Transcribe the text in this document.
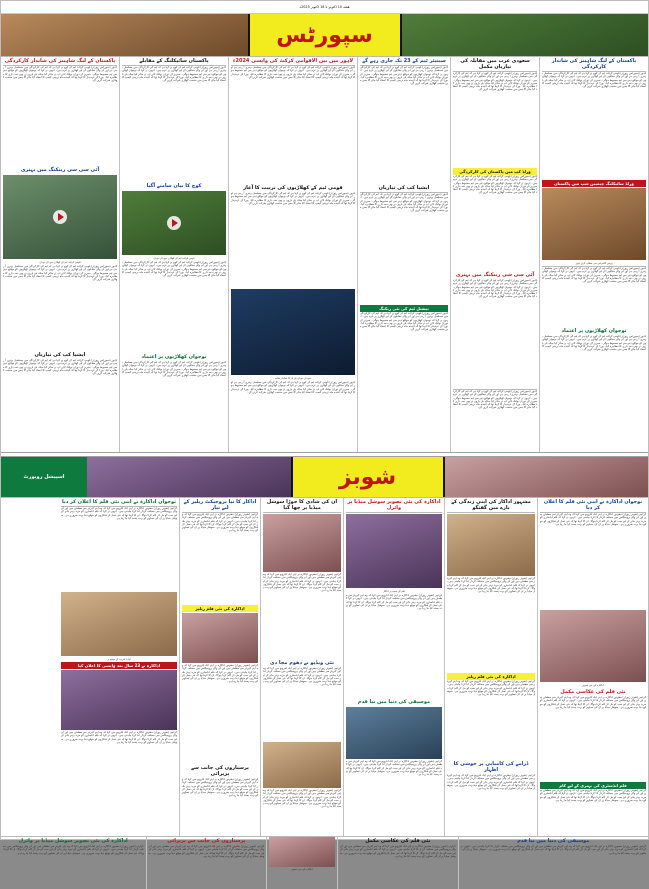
هفته 10 اکتوبر تا 16 اکتوبر 2025ء
سپورٹس
پاکستان کے لیگ شاہینز کی شاندار کارکردگی
لاہور (سپورٹس رپورٹر) قومی کرکٹ ٹیم کے کوچ نے کہا ہے کہ ٹیم کی کارکردگی میں مسلسل بہتری آ رہی ہے اور آنے والے مقابلوں کے لیے کھلاڑی پر عزم ہیں۔ انہوں نے کہا کہ نوجوان کھلاڑیوں کو مواقع دینے سے ٹیم مضبوط ہوگی۔ سیریز کے دوران بولنگ لائن اپ نے متاثر کیا جبکہ بلے بازوں نے بھی ذمہ داری کا مظاہرہ کیا۔ بورڈ کے عہدیدار کا کہنا تھا کہ آئیندہ ماہ تربیتی کیمپ کا انعقاد کیا جائے گا جس میں منتخب کھلاڑی شرکت کریں گے۔
ورلڈ سائیکلنگ چیمپین شپ میں پاکستان
پریس کانفرنس سے خطاب کرتے ہوئے
لاہور (سپورٹس رپورٹر) قومی کرکٹ ٹیم کے کوچ نے کہا ہے کہ ٹیم کی کارکردگی میں مسلسل بہتری آ رہی ہے اور آنے والے مقابلوں کے لیے کھلاڑی پر عزم ہیں۔ انہوں نے کہا کہ نوجوان کھلاڑیوں کو مواقع دینے سے ٹیم مضبوط ہوگی۔ سیریز کے دوران بولنگ لائن اپ نے متاثر کیا جبکہ بلے بازوں نے بھی ذمہ داری کا مظاہرہ کیا۔ بورڈ کے عہدیدار کا کہنا تھا کہ آئیندہ ماہ تربیتی کیمپ کا انعقاد کیا جائے گا جس میں منتخب کھلاڑی شرکت کریں گے۔
نوجوان کھلاڑیوں پر اعتماد
لاہور (سپورٹس رپورٹر) قومی کرکٹ ٹیم کے کوچ نے کہا ہے کہ ٹیم کی کارکردگی میں مسلسل بہتری آ رہی ہے اور آنے والے مقابلوں کے لیے کھلاڑی پر عزم ہیں۔ انہوں نے کہا کہ نوجوان کھلاڑیوں کو مواقع دینے سے ٹیم مضبوط ہوگی۔ سیریز کے دوران بولنگ لائن اپ نے متاثر کیا جبکہ بلے بازوں نے بھی ذمہ داری کا مظاہرہ کیا۔ بورڈ کے عہدیدار کا کہنا تھا کہ آئیندہ ماہ تربیتی کیمپ کا انعقاد کیا جائے گا جس میں منتخب کھلاڑی شرکت کریں گے۔
سعودی عرب میں مقابلہ کی تیاریاں مکمل
لاہور (سپورٹس رپورٹر) قومی کرکٹ ٹیم کے کوچ نے کہا ہے کہ ٹیم کی کارکردگی میں مسلسل بہتری آ رہی ہے اور آنے والے مقابلوں کے لیے کھلاڑی پر عزم ہیں۔ انہوں نے کہا کہ نوجوان کھلاڑیوں کو مواقع دینے سے ٹیم مضبوط ہوگی۔ سیریز کے دوران بولنگ لائن اپ نے متاثر کیا جبکہ بلے بازوں نے بھی ذمہ داری کا مظاہرہ کیا۔ بورڈ کے عہدیدار کا کہنا تھا کہ آئیندہ ماہ تربیتی کیمپ کا انعقاد کیا جائے گا جس میں منتخب کھلاڑی شرکت کریں گے۔
ورلڈ کپ میں پاکستان کی کارکردگی
لاہور (سپورٹس رپورٹر) قومی کرکٹ ٹیم کے کوچ نے کہا ہے کہ ٹیم کی کارکردگی میں مسلسل بہتری آ رہی ہے اور آنے والے مقابلوں کے لیے کھلاڑی پر عزم ہیں۔ انہوں نے کہا کہ نوجوان کھلاڑیوں کو مواقع دینے سے ٹیم مضبوط ہوگی۔ سیریز کے دوران بولنگ لائن اپ نے متاثر کیا جبکہ بلے بازوں نے بھی ذمہ داری کا مظاہرہ کیا۔ بورڈ کے عہدیدار کا کہنا تھا کہ آئیندہ ماہ تربیتی کیمپ کا انعقاد کیا جائے گا جس میں منتخب کھلاڑی شرکت کریں گے۔
آئی سی سی رینکنگ میں بہتری
لاہور (سپورٹس رپورٹر) قومی کرکٹ ٹیم کے کوچ نے کہا ہے کہ ٹیم کی کارکردگی میں مسلسل بہتری آ رہی ہے اور آنے والے مقابلوں کے لیے کھلاڑی پر عزم ہیں۔ انہوں نے کہا کہ نوجوان کھلاڑیوں کو مواقع دینے سے ٹیم مضبوط ہوگی۔ سیریز کے دوران بولنگ لائن اپ نے متاثر کیا جبکہ بلے بازوں نے بھی ذمہ داری کا مظاہرہ کیا۔ بورڈ کے عہدیدار کا کہنا تھا کہ آئیندہ ماہ تربیتی کیمپ کا انعقاد کیا جائے گا جس میں منتخب کھلاڑی شرکت کریں گے۔
لاہور (سپورٹس رپورٹر) قومی کرکٹ ٹیم کے کوچ نے کہا ہے کہ ٹیم کی کارکردگی میں مسلسل بہتری آ رہی ہے اور آنے والے مقابلوں کے لیے کھلاڑی پر عزم ہیں۔ انہوں نے کہا کہ نوجوان کھلاڑیوں کو مواقع دینے سے ٹیم مضبوط ہوگی۔ سیریز کے دوران بولنگ لائن اپ نے متاثر کیا جبکہ بلے بازوں نے بھی ذمہ داری کا مظاہرہ کیا۔ بورڈ کے عہدیدار کا کہنا تھا کہ آئیندہ ماہ تربیتی کیمپ کا انعقاد کیا جائے گا جس میں منتخب کھلاڑی شرکت کریں گے۔
سینیئر ٹیم کے 23 تک جاری رہے گے
لاہور (سپورٹس رپورٹر) قومی کرکٹ ٹیم کے کوچ نے کہا ہے کہ ٹیم کی کارکردگی میں مسلسل بہتری آ رہی ہے اور آنے والے مقابلوں کے لیے کھلاڑی پر عزم ہیں۔ انہوں نے کہا کہ نوجوان کھلاڑیوں کو مواقع دینے سے ٹیم مضبوط ہوگی۔ سیریز کے دوران بولنگ لائن اپ نے متاثر کیا جبکہ بلے بازوں نے بھی ذمہ داری کا مظاہرہ کیا۔ بورڈ کے عہدیدار کا کہنا تھا کہ آئیندہ ماہ تربیتی کیمپ کا انعقاد کیا جائے گا جس میں منتخب کھلاڑی شرکت کریں گے۔
ایشیا کپ کی تیاریاں
لاہور (سپورٹس رپورٹر) قومی کرکٹ ٹیم کے کوچ نے کہا ہے کہ ٹیم کی کارکردگی میں مسلسل بہتری آ رہی ہے اور آنے والے مقابلوں کے لیے کھلاڑی پر عزم ہیں۔ انہوں نے کہا کہ نوجوان کھلاڑیوں کو مواقع دینے سے ٹیم مضبوط ہوگی۔ سیریز کے دوران بولنگ لائن اپ نے متاثر کیا جبکہ بلے بازوں نے بھی ذمہ داری کا مظاہرہ کیا۔ بورڈ کے عہدیدار کا کہنا تھا کہ آئیندہ ماہ تربیتی کیمپ کا انعقاد کیا جائے گا جس میں منتخب کھلاڑی شرکت کریں گے۔
نیشنل ٹیم کی نئی رنکنگ
لاہور (سپورٹس رپورٹر) قومی کرکٹ ٹیم کے کوچ نے کہا ہے کہ ٹیم کی کارکردگی میں مسلسل بہتری آ رہی ہے اور آنے والے مقابلوں کے لیے کھلاڑی پر عزم ہیں۔ انہوں نے کہا کہ نوجوان کھلاڑیوں کو مواقع دینے سے ٹیم مضبوط ہوگی۔ سیریز کے دوران بولنگ لائن اپ نے متاثر کیا جبکہ بلے بازوں نے بھی ذمہ داری کا مظاہرہ کیا۔ بورڈ کے عہدیدار کا کہنا تھا کہ آئیندہ ماہ تربیتی کیمپ کا انعقاد کیا جائے گا جس میں منتخب کھلاڑی شرکت کریں گے۔
لاہور میں بین الاقوامی کرکٹ کی واپسی 2024ء
لاہور (سپورٹس رپورٹر) قومی کرکٹ ٹیم کے کوچ نے کہا ہے کہ ٹیم کی کارکردگی میں مسلسل بہتری آ رہی ہے اور آنے والے مقابلوں کے لیے کھلاڑی پر عزم ہیں۔ انہوں نے کہا کہ نوجوان کھلاڑیوں کو مواقع دینے سے ٹیم مضبوط ہوگی۔ سیریز کے دوران بولنگ لائن اپ نے متاثر کیا جبکہ بلے بازوں نے بھی ذمہ داری کا مظاہرہ کیا۔ بورڈ کے عہدیدار کا کہنا تھا کہ آئیندہ ماہ تربیتی کیمپ کا انعقاد کیا جائے گا جس میں منتخب کھلاڑی شرکت کریں گے۔
قومی ٹیم کے کھلاڑیوں کی تربیت کا آغاز
لاہور (سپورٹس رپورٹر) قومی کرکٹ ٹیم کے کوچ نے کہا ہے کہ ٹیم کی کارکردگی میں مسلسل بہتری آ رہی ہے اور آنے والے مقابلوں کے لیے کھلاڑی پر عزم ہیں۔ انہوں نے کہا کہ نوجوان کھلاڑیوں کو مواقع دینے سے ٹیم مضبوط ہوگی۔ سیریز کے دوران بولنگ لائن اپ نے متاثر کیا جبکہ بلے بازوں نے بھی ذمہ داری کا مظاہرہ کیا۔ بورڈ کے عہدیدار کا کہنا تھا کہ آئیندہ ماہ تربیتی کیمپ کا انعقاد کیا جائے گا جس میں منتخب کھلاڑی شرکت کریں گے۔
میچ کے دوران بلے باز کا شاندار شاٹ
لاہور (سپورٹس رپورٹر) قومی کرکٹ ٹیم کے کوچ نے کہا ہے کہ ٹیم کی کارکردگی میں مسلسل بہتری آ رہی ہے اور آنے والے مقابلوں کے لیے کھلاڑی پر عزم ہیں۔ انہوں نے کہا کہ نوجوان کھلاڑیوں کو مواقع دینے سے ٹیم مضبوط ہوگی۔ سیریز کے دوران بولنگ لائن اپ نے متاثر کیا جبکہ بلے بازوں نے بھی ذمہ داری کا مظاہرہ کیا۔ بورڈ کے عہدیدار کا کہنا تھا کہ آئیندہ ماہ تربیتی کیمپ کا انعقاد کیا جائے گا جس میں منتخب کھلاڑی شرکت کریں گے۔
پاکستان سائیکلنگ کے مقابلے
لاہور (سپورٹس رپورٹر) قومی کرکٹ ٹیم کے کوچ نے کہا ہے کہ ٹیم کی کارکردگی میں مسلسل بہتری آ رہی ہے اور آنے والے مقابلوں کے لیے کھلاڑی پر عزم ہیں۔ انہوں نے کہا کہ نوجوان کھلاڑیوں کو مواقع دینے سے ٹیم مضبوط ہوگی۔ سیریز کے دوران بولنگ لائن اپ نے متاثر کیا جبکہ بلے بازوں نے بھی ذمہ داری کا مظاہرہ کیا۔ بورڈ کے عہدیدار کا کہنا تھا کہ آئیندہ ماہ تربیتی کیمپ کا انعقاد کیا جائے گا جس میں منتخب کھلاڑی شرکت کریں گے۔
کوچ کا بیان سامنے آگیا
قومی کرکٹ ٹیم کے کھلاڑی میچ کے دوران
لاہور (سپورٹس رپورٹر) قومی کرکٹ ٹیم کے کوچ نے کہا ہے کہ ٹیم کی کارکردگی میں مسلسل بہتری آ رہی ہے اور آنے والے مقابلوں کے لیے کھلاڑی پر عزم ہیں۔ انہوں نے کہا کہ نوجوان کھلاڑیوں کو مواقع دینے سے ٹیم مضبوط ہوگی۔ سیریز کے دوران بولنگ لائن اپ نے متاثر کیا جبکہ بلے بازوں نے بھی ذمہ داری کا مظاہرہ کیا۔ بورڈ کے عہدیدار کا کہنا تھا کہ آئیندہ ماہ تربیتی کیمپ کا انعقاد کیا جائے گا جس میں منتخب کھلاڑی شرکت کریں گے۔
نوجوان کھلاڑیوں پر اعتماد
لاہور (سپورٹس رپورٹر) قومی کرکٹ ٹیم کے کوچ نے کہا ہے کہ ٹیم کی کارکردگی میں مسلسل بہتری آ رہی ہے اور آنے والے مقابلوں کے لیے کھلاڑی پر عزم ہیں۔ انہوں نے کہا کہ نوجوان کھلاڑیوں کو مواقع دینے سے ٹیم مضبوط ہوگی۔ سیریز کے دوران بولنگ لائن اپ نے متاثر کیا جبکہ بلے بازوں نے بھی ذمہ داری کا مظاہرہ کیا۔ بورڈ کے عہدیدار کا کہنا تھا کہ آئیندہ ماہ تربیتی کیمپ کا انعقاد کیا جائے گا جس میں منتخب کھلاڑی شرکت کریں گے۔
پاکستان کے لیگ شاہینز کی شاندار کارکردگی
لاہور (سپورٹس رپورٹر) قومی کرکٹ ٹیم کے کوچ نے کہا ہے کہ ٹیم کی کارکردگی میں مسلسل بہتری آ رہی ہے اور آنے والے مقابلوں کے لیے کھلاڑی پر عزم ہیں۔ انہوں نے کہا کہ نوجوان کھلاڑیوں کو مواقع دینے سے ٹیم مضبوط ہوگی۔ سیریز کے دوران بولنگ لائن اپ نے متاثر کیا جبکہ بلے بازوں نے بھی ذمہ داری کا مظاہرہ کیا۔ بورڈ کے عہدیدار کا کہنا تھا کہ آئیندہ ماہ تربیتی کیمپ کا انعقاد کیا جائے گا جس میں منتخب کھلاڑی شرکت کریں گے۔
آئی سی سی رینکنگ میں بہتری
قومی کرکٹ ٹیم کے کھلاڑی میچ کے دوران
لاہور (سپورٹس رپورٹر) قومی کرکٹ ٹیم کے کوچ نے کہا ہے کہ ٹیم کی کارکردگی میں مسلسل بہتری آ رہی ہے اور آنے والے مقابلوں کے لیے کھلاڑی پر عزم ہیں۔ انہوں نے کہا کہ نوجوان کھلاڑیوں کو مواقع دینے سے ٹیم مضبوط ہوگی۔ سیریز کے دوران بولنگ لائن اپ نے متاثر کیا جبکہ بلے بازوں نے بھی ذمہ داری کا مظاہرہ کیا۔ بورڈ کے عہدیدار کا کہنا تھا کہ آئیندہ ماہ تربیتی کیمپ کا انعقاد کیا جائے گا جس میں منتخب کھلاڑی شرکت کریں گے۔
ایشیا کپ کی تیاریاں
لاہور (سپورٹس رپورٹر) قومی کرکٹ ٹیم کے کوچ نے کہا ہے کہ ٹیم کی کارکردگی میں مسلسل بہتری آ رہی ہے اور آنے والے مقابلوں کے لیے کھلاڑی پر عزم ہیں۔ انہوں نے کہا کہ نوجوان کھلاڑیوں کو مواقع دینے سے ٹیم مضبوط ہوگی۔ سیریز کے دوران بولنگ لائن اپ نے متاثر کیا جبکہ بلے بازوں نے بھی ذمہ داری کا مظاہرہ کیا۔ بورڈ کے عہدیدار کا کہنا تھا کہ آئیندہ ماہ تربیتی کیمپ کا انعقاد کیا جائے گا جس میں منتخب کھلاڑی شرکت کریں گے۔
شوبز
اسپیشل روپورٹ
نوجوان اداکارہ نے اپنی نئی فلم کا اعلان کر دیا
کراچی (شوبز رپورٹر) مشہور اداکارہ نے اپنے ایک انٹرویو میں کہا کہ وہ اپنے کیریئر سے مطمئن ہیں اور آنے والے پروجیکٹس میں مختلف کردار ادا کرنا چاہتی ہیں۔ انہوں نے کہا کہ فلم انڈسٹری کو مزید بہتر بنانے کے لیے سب کو مل کر کام کرنا ہوگا۔ ان کا کہنا تھا کہ نئی نسل کے فنکاروں کو موقع دینا بہت ضروری ہے۔ سوشل میڈیا پر ان کی تصاویر کو بہت پسند کیا جا رہا ہے۔
اداکارہ کی نئی تصویر
نئی فلم کی عکاسی مکمل
کراچی (شوبز رپورٹر) مشہور اداکارہ نے اپنے ایک انٹرویو میں کہا کہ وہ اپنے کیریئر سے مطمئن ہیں اور آنے والے پروجیکٹس میں مختلف کردار ادا کرنا چاہتی ہیں۔ انہوں نے کہا کہ فلم انڈسٹری کو مزید بہتر بنانے کے لیے سب کو مل کر کام کرنا ہوگا۔ ان کا کہنا تھا کہ نئی نسل کے فنکاروں کو موقع دینا بہت ضروری ہے۔ سوشل میڈیا پر ان کی تصاویر کو بہت پسند کیا جا رہا ہے۔
فلم انڈسٹری کی بہتری کے لیے کام
کراچی (شوبز رپورٹر) مشہور اداکارہ نے اپنے ایک انٹرویو میں کہا کہ وہ اپنے کیریئر سے مطمئن ہیں اور آنے والے پروجیکٹس میں مختلف کردار ادا کرنا چاہتی ہیں۔ انہوں نے کہا کہ فلم انڈسٹری کو مزید بہتر بنانے کے لیے سب کو مل کر کام کرنا ہوگا۔ ان کا کہنا تھا کہ نئی نسل کے فنکاروں کو موقع دینا بہت ضروری ہے۔ سوشل میڈیا پر ان کی تصاویر کو بہت پسند کیا جا رہا ہے۔
مشہور اداکار کی اپنی زندگی کے بارے میں گفتگو
کراچی (شوبز رپورٹر) مشہور اداکارہ نے اپنے ایک انٹرویو میں کہا کہ وہ اپنے کیریئر سے مطمئن ہیں اور آنے والے پروجیکٹس میں مختلف کردار ادا کرنا چاہتی ہیں۔ انہوں نے کہا کہ فلم انڈسٹری کو مزید بہتر بنانے کے لیے سب کو مل کر کام کرنا ہوگا۔ ان کا کہنا تھا کہ نئی نسل کے فنکاروں کو موقع دینا بہت ضروری ہے۔ سوشل میڈیا پر ان کی تصاویر کو بہت پسند کیا جا رہا ہے۔
اداکارہ کی نئی فلم ریلیز
کراچی (شوبز رپورٹر) مشہور اداکارہ نے اپنے ایک انٹرویو میں کہا کہ وہ اپنے کیریئر سے مطمئن ہیں اور آنے والے پروجیکٹس میں مختلف کردار ادا کرنا چاہتی ہیں۔ انہوں نے کہا کہ فلم انڈسٹری کو مزید بہتر بنانے کے لیے سب کو مل کر کام کرنا ہوگا۔ ان کا کہنا تھا کہ نئی نسل کے فنکاروں کو موقع دینا بہت ضروری ہے۔ سوشل میڈیا پر ان کی تصاویر کو بہت پسند کیا جا رہا ہے۔
ڈرامے کی کامیابی پر خوشی کا اظہار
کراچی (شوبز رپورٹر) مشہور اداکارہ نے اپنے ایک انٹرویو میں کہا کہ وہ اپنے کیریئر سے مطمئن ہیں اور آنے والے پروجیکٹس میں مختلف کردار ادا کرنا چاہتی ہیں۔ انہوں نے کہا کہ فلم انڈسٹری کو مزید بہتر بنانے کے لیے سب کو مل کر کام کرنا ہوگا۔ ان کا کہنا تھا کہ نئی نسل کے فنکاروں کو موقع دینا بہت ضروری ہے۔ سوشل میڈیا پر ان کی تصاویر کو بہت پسند کیا جا رہا ہے۔
اداکارہ کی نئی تصویر سوشل میڈیا پر وائرل
فلم کے سیٹ پر اداکار
کراچی (شوبز رپورٹر) مشہور اداکارہ نے اپنے ایک انٹرویو میں کہا کہ وہ اپنے کیریئر سے مطمئن ہیں اور آنے والے پروجیکٹس میں مختلف کردار ادا کرنا چاہتی ہیں۔ انہوں نے کہا کہ فلم انڈسٹری کو مزید بہتر بنانے کے لیے سب کو مل کر کام کرنا ہوگا۔ ان کا کہنا تھا کہ نئی نسل کے فنکاروں کو موقع دینا بہت ضروری ہے۔ سوشل میڈیا پر ان کی تصاویر کو بہت پسند کیا جا رہا ہے۔
موسیقی کی دنیا میں نیا قدم
کراچی (شوبز رپورٹر) مشہور اداکارہ نے اپنے ایک انٹرویو میں کہا کہ وہ اپنے کیریئر سے مطمئن ہیں اور آنے والے پروجیکٹس میں مختلف کردار ادا کرنا چاہتی ہیں۔ انہوں نے کہا کہ فلم انڈسٹری کو مزید بہتر بنانے کے لیے سب کو مل کر کام کرنا ہوگا۔ ان کا کہنا تھا کہ نئی نسل کے فنکاروں کو موقع دینا بہت ضروری ہے۔ سوشل میڈیا پر ان کی تصاویر کو بہت پسند کیا جا رہا ہے۔
ان کی شادی کا جوڑا سوشل میڈیا پر چھا گیا
کراچی (شوبز رپورٹر) مشہور اداکارہ نے اپنے ایک انٹرویو میں کہا کہ وہ اپنے کیریئر سے مطمئن ہیں اور آنے والے پروجیکٹس میں مختلف کردار ادا کرنا چاہتی ہیں۔ انہوں نے کہا کہ فلم انڈسٹری کو مزید بہتر بنانے کے لیے سب کو مل کر کام کرنا ہوگا۔ ان کا کہنا تھا کہ نئی نسل کے فنکاروں کو موقع دینا بہت ضروری ہے۔ سوشل میڈیا پر ان کی تصاویر کو بہت پسند کیا جا رہا ہے۔
نئی ویڈیو نے دھوم مچا دی
کراچی (شوبز رپورٹر) مشہور اداکارہ نے اپنے ایک انٹرویو میں کہا کہ وہ اپنے کیریئر سے مطمئن ہیں اور آنے والے پروجیکٹس میں مختلف کردار ادا کرنا چاہتی ہیں۔ انہوں نے کہا کہ فلم انڈسٹری کو مزید بہتر بنانے کے لیے سب کو مل کر کام کرنا ہوگا۔ ان کا کہنا تھا کہ نئی نسل کے فنکاروں کو موقع دینا بہت ضروری ہے۔ سوشل میڈیا پر ان کی تصاویر کو بہت پسند کیا جا رہا ہے۔
کراچی (شوبز رپورٹر) مشہور اداکارہ نے اپنے ایک انٹرویو میں کہا کہ وہ اپنے کیریئر سے مطمئن ہیں اور آنے والے پروجیکٹس میں مختلف کردار ادا کرنا چاہتی ہیں۔ انہوں نے کہا کہ فلم انڈسٹری کو مزید بہتر بنانے کے لیے سب کو مل کر کام کرنا ہوگا۔ ان کا کہنا تھا کہ نئی نسل کے فنکاروں کو موقع دینا بہت ضروری ہے۔ سوشل میڈیا پر ان کی تصاویر کو بہت پسند کیا جا رہا ہے۔
اداکار کا نیا پروجیکٹ ریلیز کے لیے تیار
کراچی (شوبز رپورٹر) مشہور اداکارہ نے اپنے ایک انٹرویو میں کہا کہ وہ اپنے کیریئر سے مطمئن ہیں اور آنے والے پروجیکٹس میں مختلف کردار ادا کرنا چاہتی ہیں۔ انہوں نے کہا کہ فلم انڈسٹری کو مزید بہتر بنانے کے لیے سب کو مل کر کام کرنا ہوگا۔ ان کا کہنا تھا کہ نئی نسل کے فنکاروں کو موقع دینا بہت ضروری ہے۔ سوشل میڈیا پر ان کی تصاویر کو بہت پسند کیا جا رہا ہے۔
اداکارہ کی نئی فلم ریلیز
کراچی (شوبز رپورٹر) مشہور اداکارہ نے اپنے ایک انٹرویو میں کہا کہ وہ اپنے کیریئر سے مطمئن ہیں اور آنے والے پروجیکٹس میں مختلف کردار ادا کرنا چاہتی ہیں۔ انہوں نے کہا کہ فلم انڈسٹری کو مزید بہتر بنانے کے لیے سب کو مل کر کام کرنا ہوگا۔ ان کا کہنا تھا کہ نئی نسل کے فنکاروں کو موقع دینا بہت ضروری ہے۔ سوشل میڈیا پر ان کی تصاویر کو بہت پسند کیا جا رہا ہے۔
پرستاروں کی جانب سے پزیرائی
کراچی (شوبز رپورٹر) مشہور اداکارہ نے اپنے ایک انٹرویو میں کہا کہ وہ اپنے کیریئر سے مطمئن ہیں اور آنے والے پروجیکٹس میں مختلف کردار ادا کرنا چاہتی ہیں۔ انہوں نے کہا کہ فلم انڈسٹری کو مزید بہتر بنانے کے لیے سب کو مل کر کام کرنا ہوگا۔ ان کا کہنا تھا کہ نئی نسل کے فنکاروں کو موقع دینا بہت ضروری ہے۔ سوشل میڈیا پر ان کی تصاویر کو بہت پسند کیا جا رہا ہے۔
نوجوان اداکارہ نے اپنی نئی فلم کا اعلان کر دیا
کراچی (شوبز رپورٹر) مشہور اداکارہ نے اپنے ایک انٹرویو میں کہا کہ وہ اپنے کیریئر سے مطمئن ہیں اور آنے والے پروجیکٹس میں مختلف کردار ادا کرنا چاہتی ہیں۔ انہوں نے کہا کہ فلم انڈسٹری کو مزید بہتر بنانے کے لیے سب کو مل کر کام کرنا ہوگا۔ ان کا کہنا تھا کہ نئی نسل کے فنکاروں کو موقع دینا بہت ضروری ہے۔ سوشل میڈیا پر ان کی تصاویر کو بہت پسند کیا جا رہا ہے۔
اوارڈ تقریب کے موقع پر
اداکارہ نے 23 سال بعد واپسی کا اعلان کیا
کراچی (شوبز رپورٹر) مشہور اداکارہ نے اپنے ایک انٹرویو میں کہا کہ وہ اپنے کیریئر سے مطمئن ہیں اور آنے والے پروجیکٹس میں مختلف کردار ادا کرنا چاہتی ہیں۔ انہوں نے کہا کہ فلم انڈسٹری کو مزید بہتر بنانے کے لیے سب کو مل کر کام کرنا ہوگا۔ ان کا کہنا تھا کہ نئی نسل کے فنکاروں کو موقع دینا بہت ضروری ہے۔ سوشل میڈیا پر ان کی تصاویر کو بہت پسند کیا جا رہا ہے۔
موسیقی کی دنیا میں نیا قدم
کراچی (شوبز رپورٹر) مشہور اداکارہ نے اپنے ایک انٹرویو میں کہا کہ وہ اپنے کیریئر سے مطمئن ہیں اور آنے والے پروجیکٹس میں مختلف کردار ادا کرنا چاہتی ہیں۔ انہوں نے کہا کہ فلم انڈسٹری کو مزید بہتر بنانے کے لیے سب کو مل کر کام کرنا ہوگا۔ ان کا کہنا تھا کہ نئی نسل کے فنکاروں کو موقع دینا بہت ضروری ہے۔ سوشل میڈیا پر ان کی تصاویر کو بہت پسند کیا جا رہا ہے۔
نئی فلم کی عکاسی مکمل
کراچی (شوبز رپورٹر) مشہور اداکارہ نے اپنے ایک انٹرویو میں کہا کہ وہ اپنے کیریئر سے مطمئن ہیں اور آنے والے پروجیکٹس میں مختلف کردار ادا کرنا چاہتی ہیں۔ انہوں نے کہا کہ فلم انڈسٹری کو مزید بہتر بنانے کے لیے سب کو مل کر کام کرنا ہوگا۔ ان کا کہنا تھا کہ نئی نسل کے فنکاروں کو موقع دینا بہت ضروری ہے۔ سوشل میڈیا پر ان کی تصاویر کو بہت پسند کیا جا رہا ہے۔
اداکارہ کی نئی تصویر
پرستاروں کی جانب سے پزیرائی
کراچی (شوبز رپورٹر) مشہور اداکارہ نے اپنے ایک انٹرویو میں کہا کہ وہ اپنے کیریئر سے مطمئن ہیں اور آنے والے پروجیکٹس میں مختلف کردار ادا کرنا چاہتی ہیں۔ انہوں نے کہا کہ فلم انڈسٹری کو مزید بہتر بنانے کے لیے سب کو مل کر کام کرنا ہوگا۔ ان کا کہنا تھا کہ نئی نسل کے فنکاروں کو موقع دینا بہت ضروری ہے۔ سوشل میڈیا پر ان کی تصاویر کو بہت پسند کیا جا رہا ہے۔
اداکارہ کی نئی تصویر سوشل میڈیا پر وائرل
کراچی (شوبز رپورٹر) مشہور اداکارہ نے اپنے ایک انٹرویو میں کہا کہ وہ اپنے کیریئر سے مطمئن ہیں اور آنے والے پروجیکٹس میں مختلف کردار ادا کرنا چاہتی ہیں۔ انہوں نے کہا کہ فلم انڈسٹری کو مزید بہتر بنانے کے لیے سب کو مل کر کام کرنا ہوگا۔ ان کا کہنا تھا کہ نئی نسل کے فنکاروں کو موقع دینا بہت ضروری ہے۔ سوشل میڈیا پر ان کی تصاویر کو بہت پسند کیا جا رہا ہے۔
